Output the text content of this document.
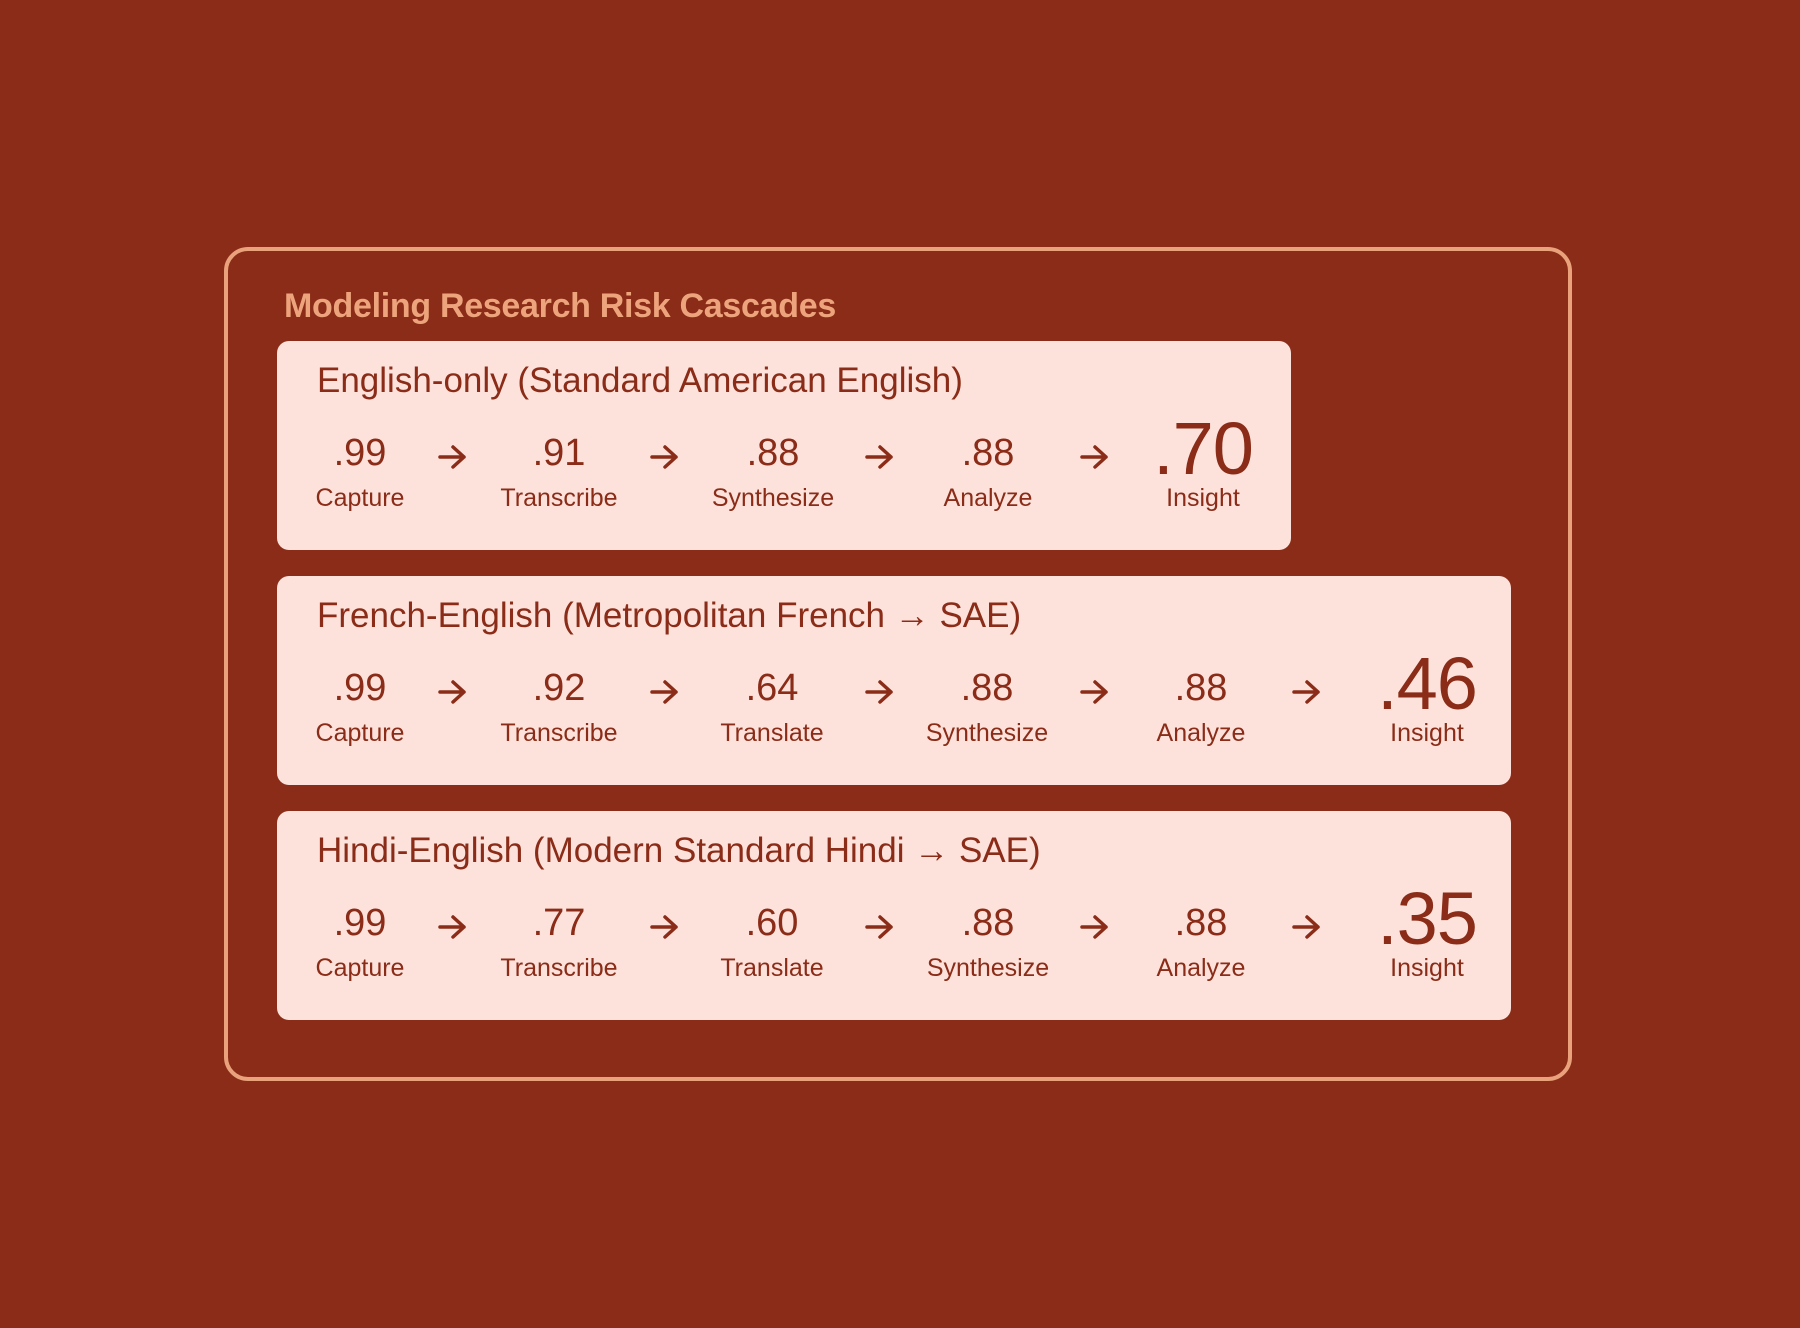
Modeling Research Risk Cascades
English-only (Standard American English)
.99
Capture
.91
Transcribe
.88
Synthesize
.88
Analyze
.70
Insight
French-English (Metropolitan French → SAE)
.99
Capture
.92
Transcribe
.64
Translate
.88
Synthesize
.88
Analyze
.46
Insight
Hindi-English (Modern Standard Hindi → SAE)
.99
Capture
.77
Transcribe
.60
Translate
.88
Synthesize
.88
Analyze
.35
Insight
